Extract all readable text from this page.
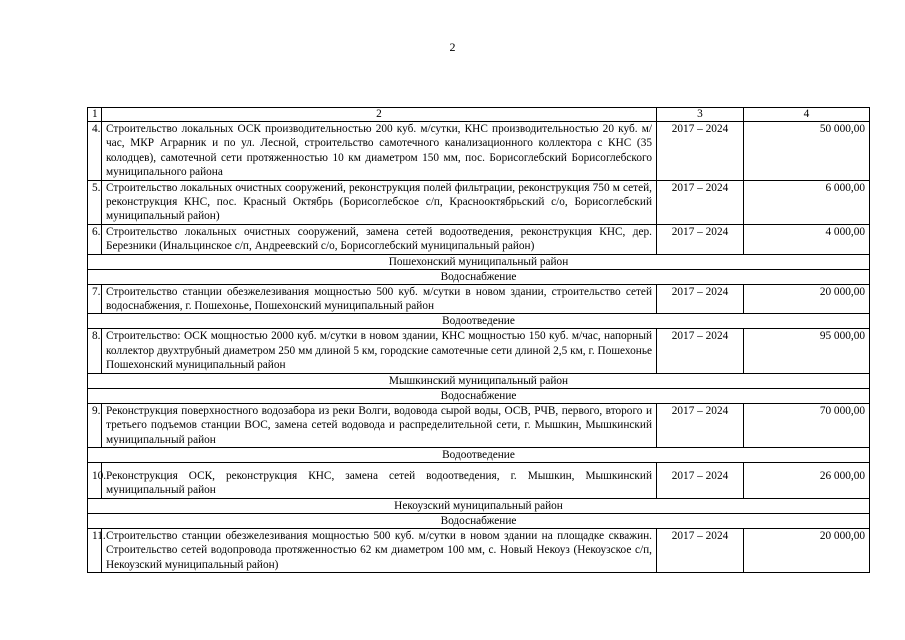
2
1	2	3	4
4.	Строительство локальных ОСК производительностью 200 куб. м/сутки, КНС производительностью 20 куб. м/час, МКР Аграрник и по ул. Лесной, строительство самотечного канализационного коллектора с КНС (35 колодцев), самотечной сети протяженностью 10 км диаметром 150 мм, пос. Борисоглебский Борисоглебского муниципального района	2017 – 2024	50 000,00
5.	Строительство локальных очистных сооружений, реконструкция полей фильтрации, реконструкция 750 м сетей, реконструкция КНС, пос. Красный Октябрь (Борисоглебское с/п, Краснооктябрьский с/о, Борисоглебский муниципальный район)	2017 – 2024	6 000,00
6.	Строительство локальных очистных сооружений, замена сетей водоотведения, реконструкция КНС, дер. Березники (Инальцинское с/п, Андреевский с/о, Борисоглебский муниципальный район)	2017 – 2024	4 000,00
Пошехонский муниципальный район			
Водоснабжение			
7.	Строительство станции обезжелезивания мощностью 500 куб. м/сутки в новом здании, строительство сетей водоснабжения, г. Пошехонье, Пошехонский муниципальный район	2017 – 2024	20 000,00
Водоотведение			
8.	Строительство: ОСК мощностью 2000 куб. м/сутки в новом здании, КНС мощностью 150 куб. м/час, напорный коллектор двухтрубный диаметром 250 мм длиной 5 км, городские самотечные сети длиной 2,5 км, г. Пошехонье Пошехонский муниципальный район	2017 – 2024	95 000,00
Мышкинский муниципальный район			
Водоснабжение			
9.	Реконструкция поверхностного водозабора из реки Волги, водовода сырой воды, ОСВ, РЧВ, первого, второго и третьего подъемов станции ВОС, замена сетей водовода и распределительной сети, г. Мышкин, Мышкинский муниципальный район	2017 – 2024	70 000,00
Водоотведение			
10.	Реконструкция ОСК, реконструкция КНС, замена сетей водоотведения, г. Мышкин, Мышкинский муниципальный район	2017 – 2024	26 000,00
Некоузский муниципальный район			
Водоснабжение			
11.	Строительство станции обезжелезивания мощностью 500 куб. м/сутки в новом здании на площадке скважин. Строительство сетей водопровода протяженностью 62 км диаметром 100 мм, с. Новый Некоуз (Некоузское с/п, Некоузский муниципальный район)	2017 – 2024	20 000,00
